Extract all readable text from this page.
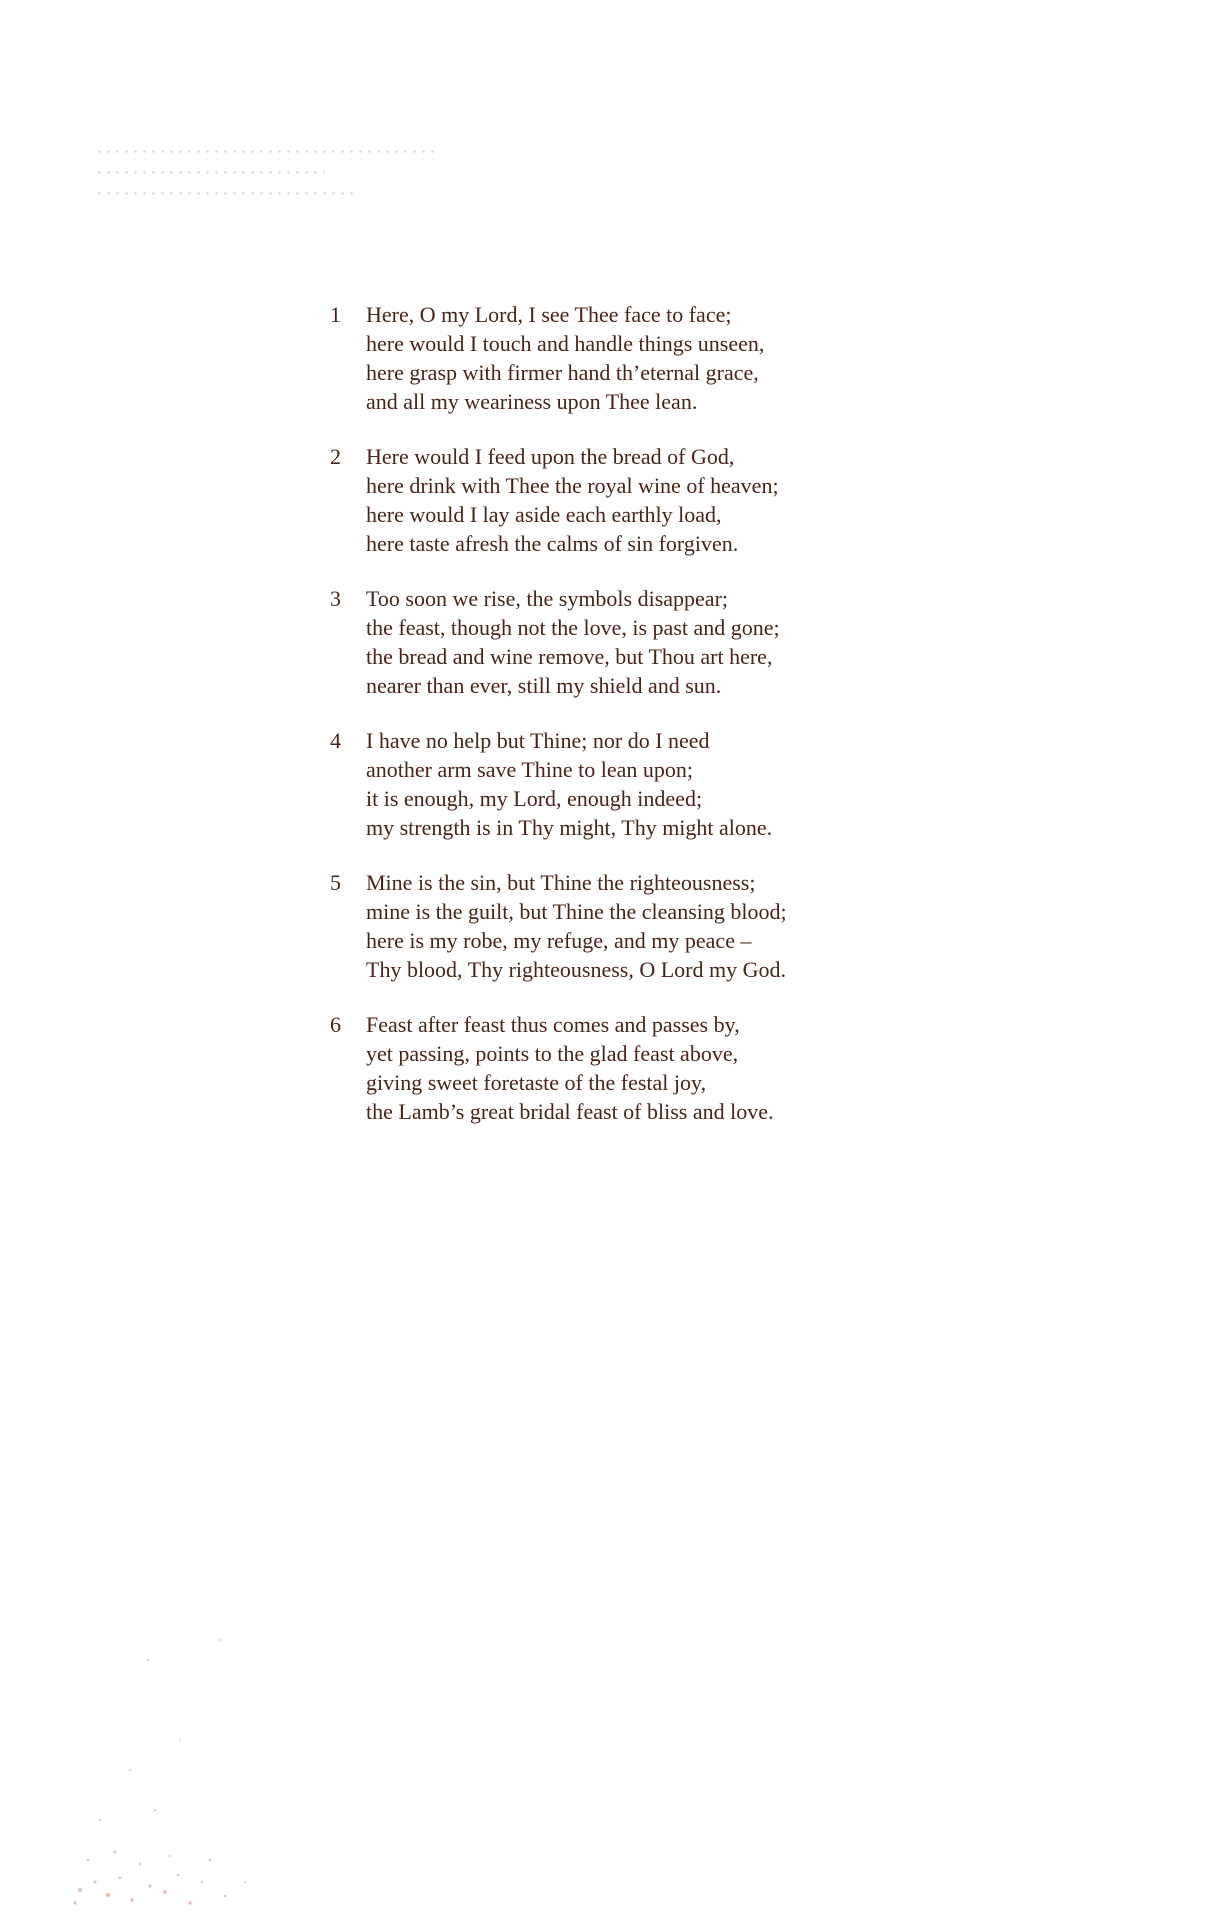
1	Here, O my Lord, I see Thee face to face;
here would I touch and handle things unseen,
here grasp with firmer hand th’eternal grace,
and all my weariness upon Thee lean.
2	Here would I feed upon the bread of God,
here drink with Thee the royal wine of heaven;
here would I lay aside each earthly load,
here taste afresh the calms of sin forgiven.
3	Too soon we rise, the symbols disappear;
the feast, though not the love, is past and gone;
the bread and wine remove, but Thou art here,
nearer than ever, still my shield and sun.
4	I have no help but Thine; nor do I need
another arm save Thine to lean upon;
it is enough, my Lord, enough indeed;
my strength is in Thy might, Thy might alone.
5	Mine is the sin, but Thine the righteousness;
mine is the guilt, but Thine the cleansing blood;
here is my robe, my refuge, and my peace –
Thy blood, Thy righteousness, O Lord my God.
6	Feast after feast thus comes and passes by,
yet passing, points to the glad feast above,
giving sweet foretaste of the festal joy,
the Lamb’s great bridal feast of bliss and love.
